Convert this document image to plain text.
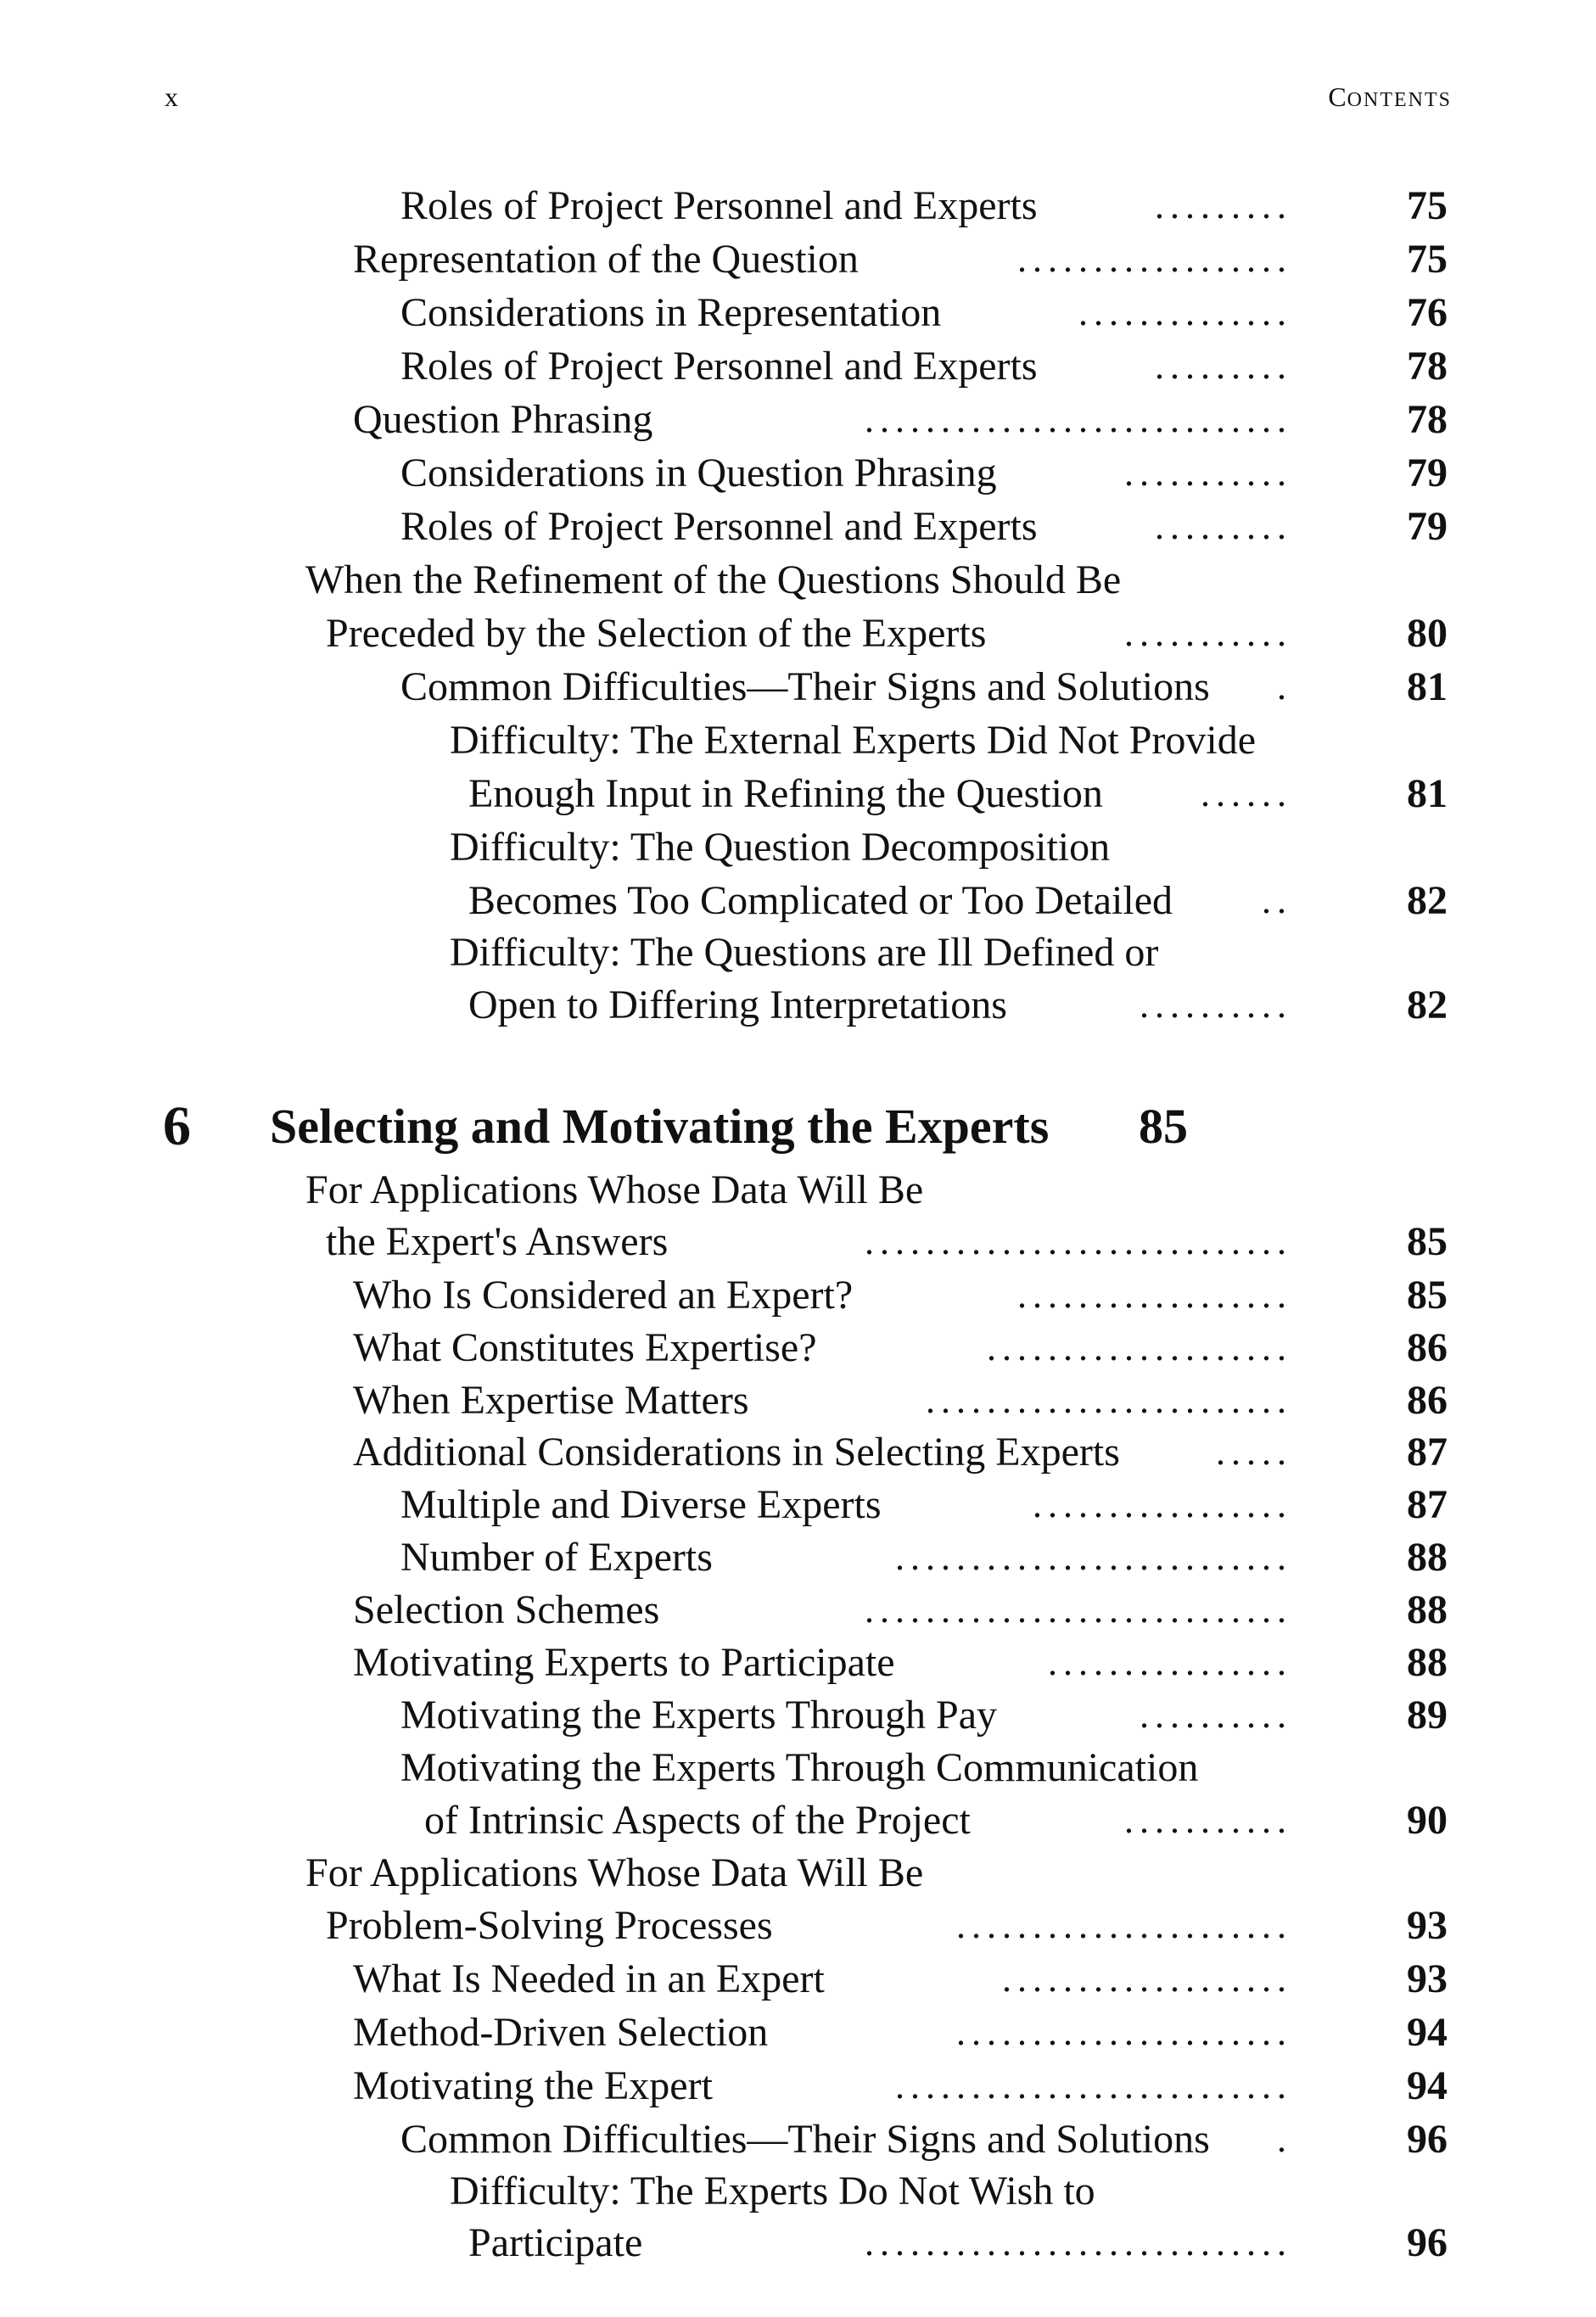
x	CONTENTS
Roles of Project Personnel and Experts	.........	75
Representation of the Question	..................	75
Considerations in Representation	..............	76
Roles of Project Personnel and Experts	.........	78
Question Phrasing	............................	78
Considerations in Question Phrasing	...........	79
Roles of Project Personnel and Experts	.........	79
When the Refinement of the Questions Should Be
Preceded by the Selection of the Experts	...........	80
Common Difficulties—Their Signs and Solutions .	81
Difficulty: The External Experts Did Not Provide
Enough Input in Refining the Question	......	81
Difficulty: The Question Decomposition
Becomes Too Complicated or Too Detailed ..	82
Difficulty: The Questions are Ill Defined or
Open to Differing Interpretations	..........	82
6 Selecting and Motivating the Experts 85
For Applications Whose Data Will Be
the Expert's Answers	............................	85
Who Is Considered an Expert?	..................	85
What Constitutes Expertise?	....................	86
When Expertise Matters	........................	86
Additional Considerations in Selecting Experts	.....	87
Multiple and Diverse Experts	.................	87
Number of Experts	..........................	88
Selection Schemes	............................	88
Motivating Experts to Participate	................	88
Motivating the Experts Through Pay	..........	89
Motivating the Experts Through Communication
of Intrinsic Aspects of the Project	...........	90
For Applications Whose Data Will Be
Problem-Solving Processes	......................	93
What Is Needed in an Expert	...................	93
Method-Driven Selection	......................	94
Motivating the Expert	..........................	94
Common Difficulties—Their Signs and Solutions .	96
Difficulty: The Experts Do Not Wish to
Participate	............................	96
